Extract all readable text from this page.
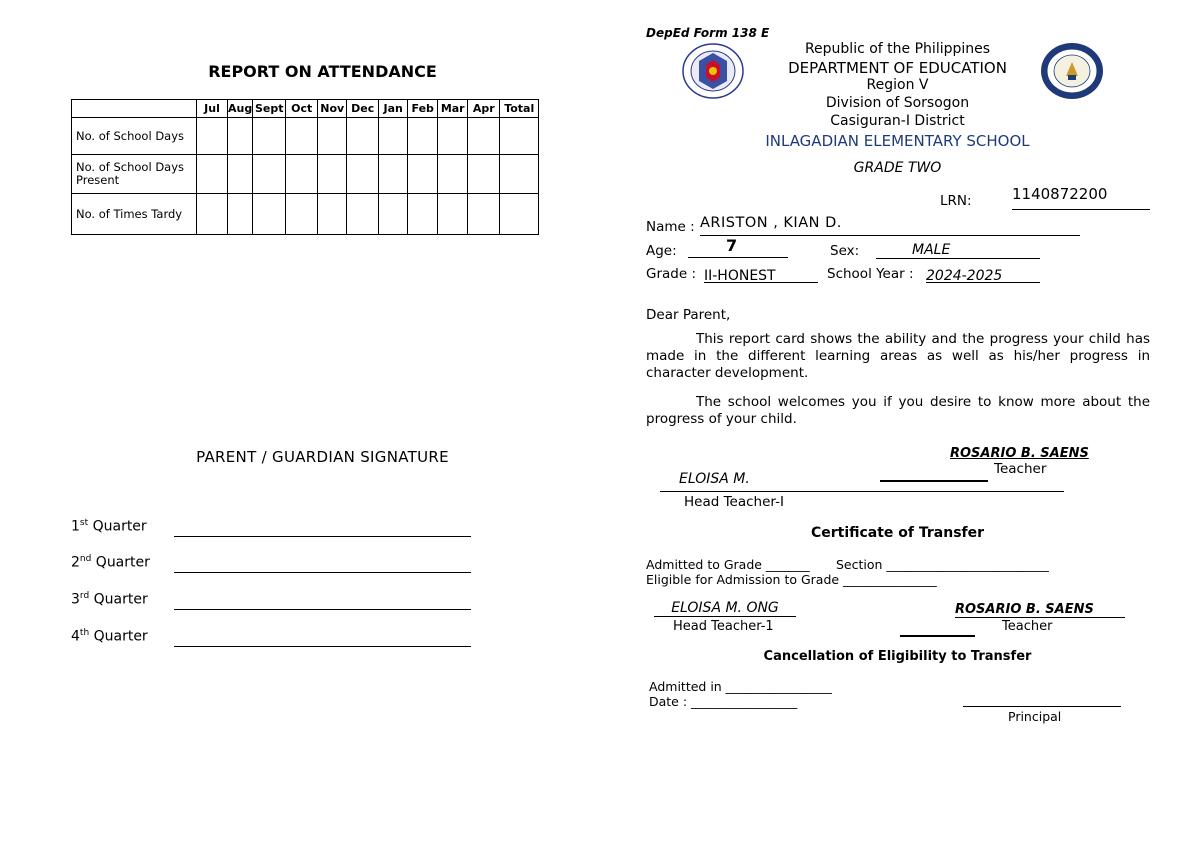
REPORT ON ATTENDANCE
	Jul	Aug	Sept	Oct	Nov	Dec	Jan	Feb	Mar	Apr	Total
No. of School Days											
No. of School Days Present											
No. of Times Tardy											
PARENT / GUARDIAN SIGNATURE
1st Quarter
2nd Quarter
3rd Quarter
4th Quarter
DepEd Form 138 E
Republic of the Philippines
DEPARTMENT OF EDUCATION
Region V
Division of Sorsogon
Casiguran-I District
INLAGADIAN ELEMENTARY SCHOOL
GRADE TWO
LRN:	1140872200
Name : ARISTON , KIAN D.
Age:	7	Sex:	MALE
Grade : II-HONEST	School Year : 2024-2025
Dear Parent,
This report card shows the ability and the progress your child has made in the different learning areas as well as his/her progress in character development.
The school welcomes you if you desire to know more about the progress of your child.
ROSARIO B. SAENS
Teacher
ELOISA M.
Head Teacher-I
Certificate of Transfer
Admitted to Grade _______ Section __________________________
Eligible for Admission to Grade _______________
ELOISA M. ONG
Head Teacher-1
ROSARIO B. SAENS
Teacher
Cancellation of Eligibility to Transfer
Admitted in _________________
Date : _________________
Principal
